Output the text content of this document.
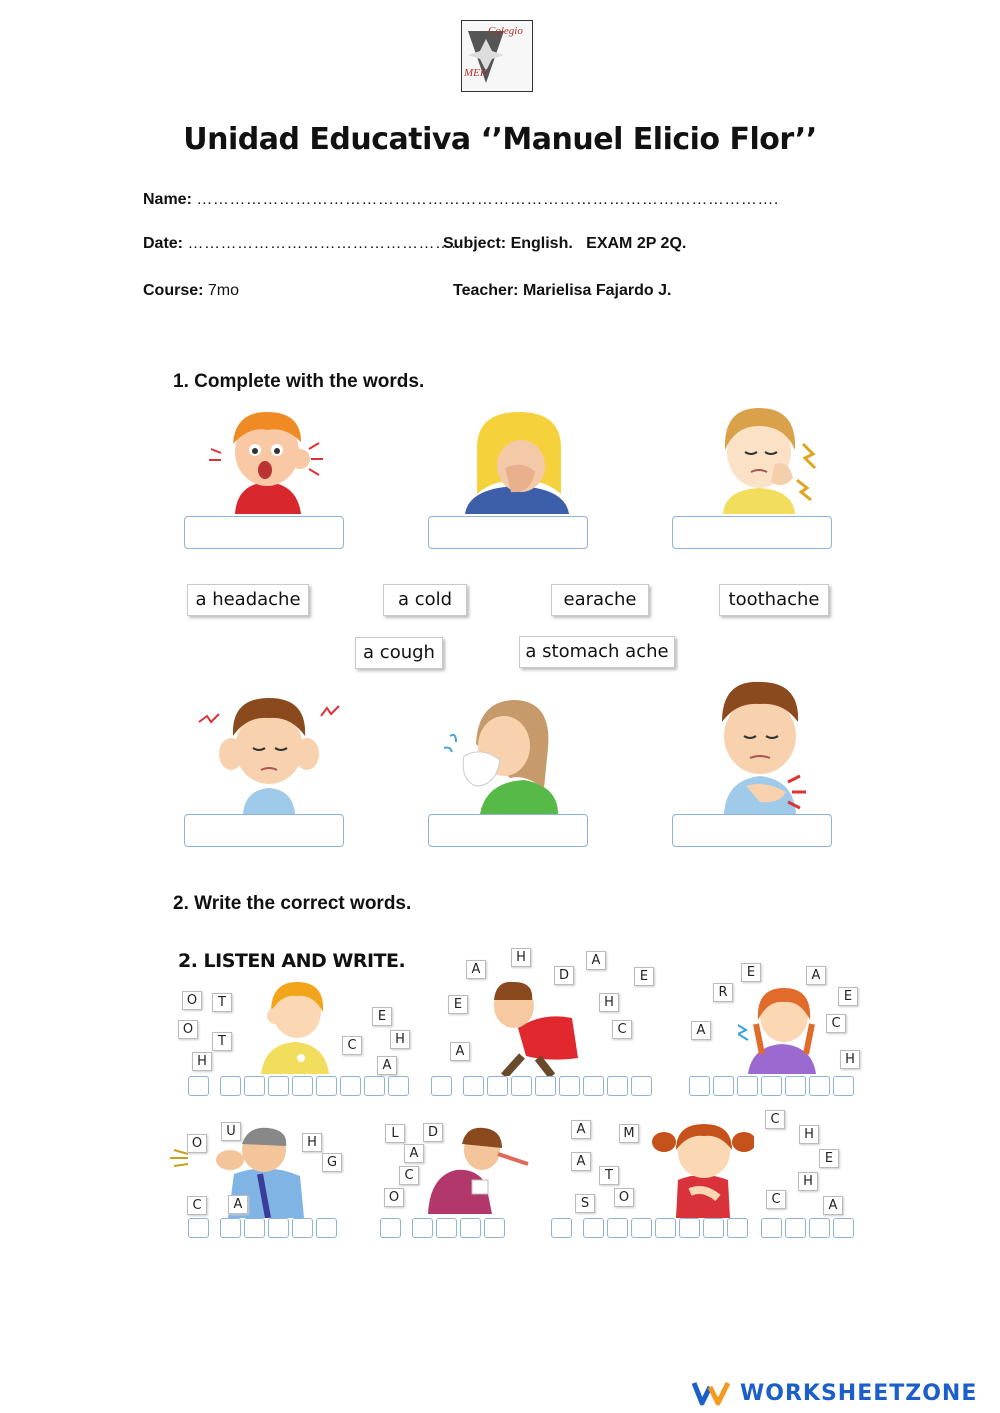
Colegio
MEF
Unidad Educativa ‘’Manuel Elicio Flor’’
Name: …………………………………………………………………………………………….
Date: ………………………………………….
Subject: English. EXAM 2P 2Q.
Course: 7mo	Teacher: Marielisa Fajardo J.
1. Complete with the words.
a headache	a cold	earache	toothache
a cough	a stomach ache
2. Write the correct words.
2. LISTEN AND WRITE.
O	T
O
T
H
E
C	H
A
A
H
D
A
E
E	H
C
A
E	A
R	E
A	C
H
O
U
H
G
C	A
L	D
A
C
O
A	M
A
T
S	O
C
H
E
H
C	A
WORKSHEETZONE
